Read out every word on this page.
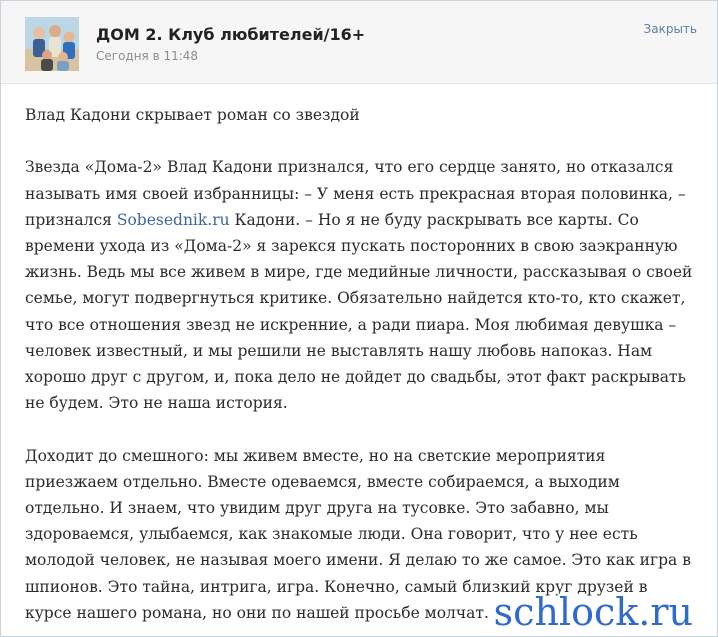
ДОМ 2. Клуб любителей/16+
Сегодня в 11:48
Закрыть

Влад Кадони скрывает роман со звездой

Звезда «Дома-2» Влад Кадони признался, что его сердце занято, но отказался называть имя своей избранницы: – У меня есть прекрасная вторая половинка, – признался Sobesednik.ru Кадони. – Но я не буду раскрывать все карты. Со времени ухода из «Дома-2» я зарекся пускать посторонних в свою заэкранную жизнь. Ведь мы все живем в мире, где медийные личности, рассказывая о своей семье, могут подвергнуться критике. Обязательно найдется кто-то, кто скажет, что все отношения звезд не искренние, а ради пиара. Моя любимая девушка – человек известный, и мы решили не выставлять нашу любовь напоказ. Нам хорошо друг с другом, и, пока дело не дойдет до свадьбы, этот факт раскрывать не будем. Это не наша история.

Доходит до смешного: мы живем вместе, но на светские мероприятия приезжаем отдельно. Вместе одеваемся, вместе собираемся, а выходим отдельно. И знаем, что увидим друг друга на тусовке. Это забавно, мы здороваемся, улыбаемся, как знакомые люди. Она говорит, что у нее есть молодой человек, не называя моего имени. Я делаю то же самое. Это как игра в шпионов. Это тайна, интрига, игра. Конечно, самый близкий круг друзей в курсе нашего романа, но они по нашей просьбе молчат. schlock.ru
